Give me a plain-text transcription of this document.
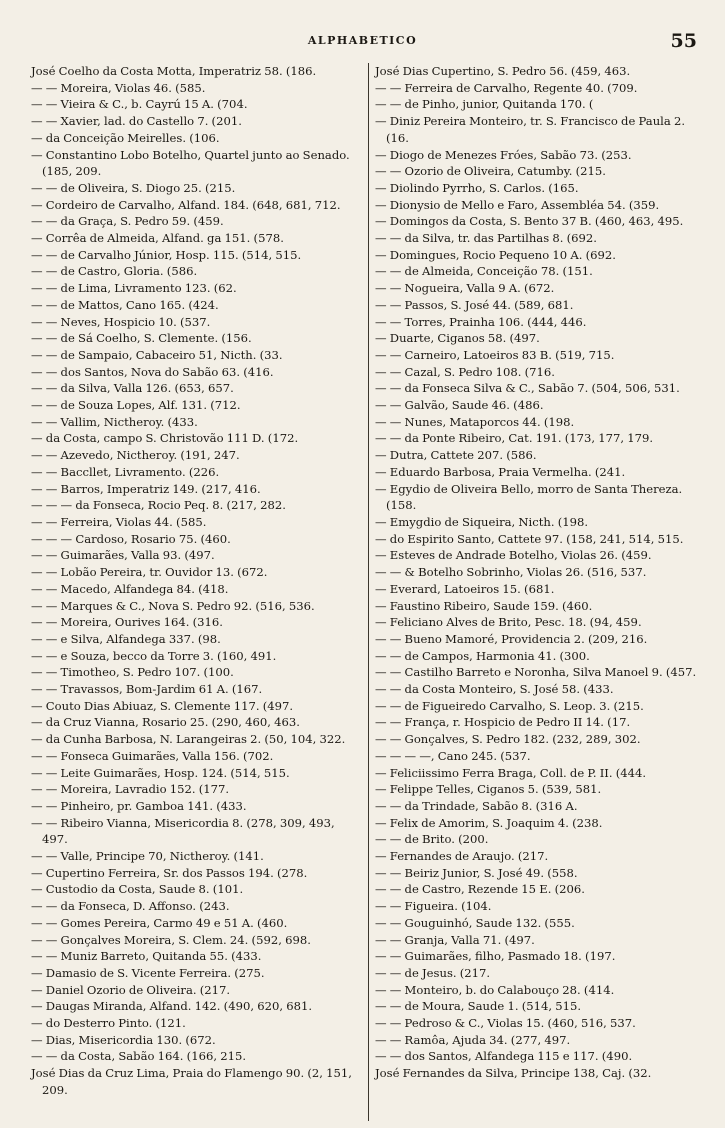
ALPHABETICO	55

José Coelho da Costa Motta, Imperatriz 58. (186.

— — Moreira, Violas 46. (585.

— — Vieira & C., b. Cayrú 15 A. (704.

— — Xavier, lad. do Castello 7. (201.

— da Conceição Meirelles. (106.

— Constantino Lobo Botelho, Quartel junto ao Senado. (185, 209.

— — de Oliveira, S. Diogo 25. (215.

— Cordeiro de Carvalho, Alfand. 184. (648, 681, 712.

— — da Graça, S. Pedro 59. (459.

— Corrêa de Almeida, Alfand. ga 151. (578.

— — de Carvalho Júnior, Hosp. 115. (514, 515.

— — de Castro, Gloria. (586.

— — de Lima, Livramento 123. (62.

— — de Mattos, Cano 165. (424.

— — Neves, Hospicio 10. (537.

— — de Sá Coelho, S. Clemente. (156.

— — de Sampaio, Cabaceiro 51, Nicth. (33.

— — dos Santos, Nova do Sabão 63. (416.

— — da Silva, Valla 126. (653, 657.

— — de Souza Lopes, Alf. 131. (712.

— — Vallim, Nictheroy. (433.

— da Costa, campo S. Christovão 111 D. (172.

— — Azevedo, Nictheroy. (191, 247.

— — Baccllet, Livramento. (226.

— — Barros, Imperatriz 149. (217, 416.

— — — da Fonseca, Rocio Peq. 8. (217, 282.

— — Ferreira, Violas 44. (585.

— — — Cardoso, Rosario 75. (460.

— — Guimarães, Valla 93. (497.

— — Lobão Pereira, tr. Ouvidor 13. (672.

— — Macedo, Alfandega 84. (418.

— — Marques & C., Nova S. Pedro 92. (516, 536.

— — Moreira, Ourives 164. (316.

— — e Silva, Alfandega 337. (98.

— — e Souza, becco da Torre 3. (160, 491.

— — Timotheo, S. Pedro 107. (100.

— — Travassos, Bom-Jardim 61 A. (167.

— Couto Dias Abiuaz, S. Clemente 117. (497.

— da Cruz Vianna, Rosario 25. (290, 460, 463.

— da Cunha Barbosa, N. Larangeiras 2. (50, 104, 322.

— — Fonseca Guimarães, Valla 156. (702.

— — Leite Guimarães, Hosp. 124. (514, 515.

— — Moreira, Lavradio 152. (177.

— — Pinheiro, pr. Gamboa 141. (433.

— — Ribeiro Vianna, Misericordia 8. (278, 309, 493, 497.

— — Valle, Principe 70, Nictheroy. (141.

— Cupertino Ferreira, Sr. dos Passos 194. (278.

— Custodio da Costa, Saude 8. (101.

— — da Fonseca, D. Affonso. (243.

— — Gomes Pereira, Carmo 49 e 51 A. (460.

— — Gonçalves Moreira, S. Clem. 24. (592, 698.

— — Muniz Barreto, Quitanda 55. (433.

— Damasio de S. Vicente Ferreira. (275.

— Daniel Ozorio de Oliveira. (217.

— Daugas Miranda, Alfand. 142. (490, 620, 681.

— do Desterro Pinto. (121.

— Dias, Misericordia 130. (672.

— — da Costa, Sabão 164. (166, 215.

José Dias da Cruz Lima, Praia do Flamengo 90. (2, 151, 209.

José Dias Cupertino, S. Pedro 56. (459, 463.

— — Ferreira de Carvalho, Regente 40. (709.

— — de Pinho, junior, Quitanda 170. (

— Diniz Pereira Monteiro, tr. S. Francisco de Paula 2. (16.

— Diogo de Menezes Fróes, Sabão 73. (253.

— — Ozorio de Oliveira, Catumby. (215.

— Diolindo Pyrrho, S. Carlos. (165.

— Dionysio de Mello e Faro, Assembléa 54. (359.

— Domingos da Costa, S. Bento 37 B. (460, 463, 495.

— — da Silva, tr. das Partilhas 8. (692.

— Domingues, Rocio Pequeno 10 A. (692.

— — de Almeida, Conceição 78. (151.

— — Nogueira, Valla 9 A. (672.

— — Passos, S. José 44. (589, 681.

— — Torres, Prainha 106. (444, 446.

— Duarte, Ciganos 58. (497.

— — Carneiro, Latoeiros 83 B. (519, 715.

— — Cazal, S. Pedro 108. (716.

— — da Fonseca Silva & C., Sabão 7. (504, 506, 531.

— — Galvão, Saude 46. (486.

— — Nunes, Mataporcos 44. (198.

— — da Ponte Ribeiro, Cat. 191. (173, 177, 179.

— Dutra, Cattete 207. (586.

— Eduardo Barbosa, Praia Vermelha. (241.

— Egydio de Oliveira Bello, morro de Santa Thereza. (158.

— Emygdio de Siqueira, Nicth. (198.

— do Espirito Santo, Cattete 97. (158, 241, 514, 515.

— Esteves de Andrade Botelho, Violas 26. (459.

— — & Botelho Sobrinho, Violas 26. (516, 537.

— Everard, Latoeiros 15. (681.

— Faustino Ribeiro, Saude 159. (460.

— Feliciano Alves de Brito, Pesc. 18. (94, 459.

— — Bueno Mamoré, Providencia 2. (209, 216.

— — de Campos, Harmonia 41. (300.

— — Castilho Barreto e Noronha, Silva Manoel 9. (457.

— — da Costa Monteiro, S. José 58. (433.

— — de Figueiredo Carvalho, S. Leop. 3. (215.

— — França, r. Hospicio de Pedro II 14. (17.

— — Gonçalves, S. Pedro 182. (232, 289, 302.

— — — —, Cano 245. (537.

— Feliciissimo Ferra Braga, Coll. de P. II. (444.

— Felippe Telles, Ciganos 5. (539, 581.

— — da Trindade, Sabão 8. (316 A.

— Felix de Amorim, S. Joaquim 4. (238.

— — de Brito. (200.

— Fernandes de Araujo. (217.

— — Beiriz Junior, S. José 49. (558.

— — de Castro, Rezende 15 E. (206.

— — Figueira. (104.

— — Gouguinhó, Saude 132. (555.

— — Granja, Valla 71. (497.

— — Guimarães, filho, Pasmado 18. (197.

— — de Jesus. (217.

— — Monteiro, b. do Calabouço 28. (414.

— — de Moura, Saude 1. (514, 515.

— — Pedroso & C., Violas 15. (460, 516, 537.

— — Ramôa, Ajuda 34. (277, 497.

— — dos Santos, Alfandega 115 e 117. (490.

José Fernandes da Silva, Principe 138, Caj. (32.
